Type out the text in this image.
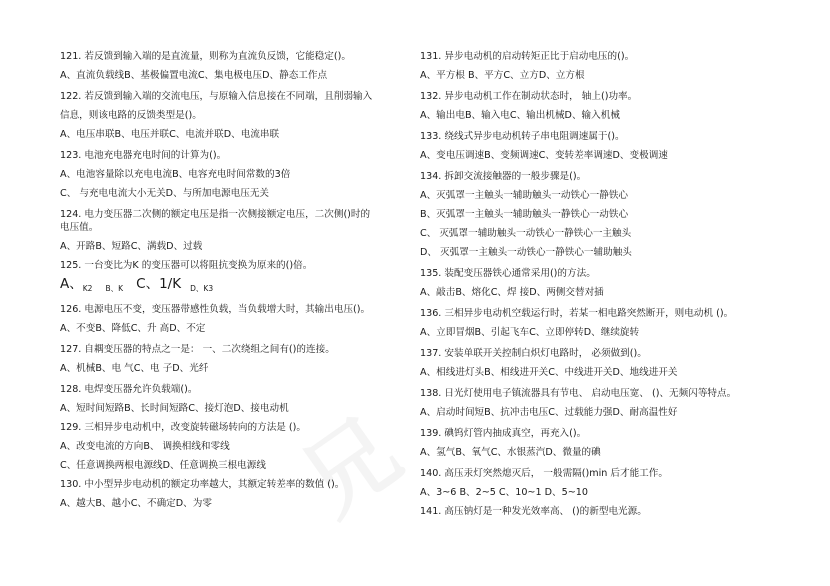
121. 若反馈到输入端的是直流量，则称为直流负反馈，它能稳定()。
A、直流负载线B、基极偏置电流C、集电极电压D、静态工作点
122. 若反馈到输入端的交流电压，与原输入信息接在不同端，且削弱输入
信息，则该电路的反馈类型是()。
A、电压串联B、电压并联C、电流并联D、电流串联
123. 电池充电器充电时间的计算为()。
A、电池容量除以充电电流B、电容充电时间常数的3倍
C、 与充电电流大小无关D、与所加电源电压无关
124. 电力变压器二次侧的额定电压是指一次侧接额定电压，二次侧()时的
电压值。
A、开路B、短路C、满载D、过载
125. 一台变比为K 的变压器可以将阻抗变换为原来的()倍。
A、$_{K2}$ $_{B、K}$ C、1/K $_{D、K3}$
126. 电源电压不变，变压器带感性负载，当负载增大时，其输出电压()。
A、不变B、降低C、升 高D、不定
127. 自耦变压器的特点之一是： 一、二次绕组之间有()的连接。
A、机械B、电 气C、电 子D、光纤
128. 电焊变压器允许负载端()。
A、短时间短路B、长时间短路C、接灯泡D、接电动机
129. 三相异步电动机中，改变旋转磁场转向的方法是 ()。
A、改变电流的方向B、 调换相线和零线
C、任意调换两根电源线D、任意调换三根电源线
130. 中小型异步电动机的额定功率越大，其额定转差率的数值 ()。
A、越大B、越小C、不确定D、为零
131. 异步电动机的启动转矩正比于启动电压的()。
A、平方根 B、平方C、立方D、立方根
132. 异步电动机工作在制动状态时， 轴上()功率。
A、输出电B、输入电C、输出机械D、输入机械
133. 绕线式异步电动机转子串电阻调速属于()。
A、变电压调速B、变频调速C、变转差率调速D、变极调速
134. 拆卸交流接触器的一般步骤是()。
A、灭弧罩一主触头一辅助触头一动铁心一静铁心
B、灭弧罩一主触头一辅助触头一静铁心一动铁心
C、 灭弧罩一辅助触头一动铁心一静铁心一主触头
D、 灭弧罩一主触头一动铁心一静铁心一辅助触头
135. 装配变压器铁心通常采用()的方法。
A、敲击B、熔化C、焊 接D、两侧交替对插
136. 三相异步电动机空载运行时，若某一相电路突然断开，则电动机 ()。
A、立即冒烟B、引起飞车C、立即停转D、继续旋转
137. 安装单联开关控制白炽灯电路时， 必须做到()。
A、相线进灯头B、相线进开关C、中线进开关D、地线进开关
138. 日光灯使用电子镇流器具有节电、 启动电压宽、 ()、无频闪等特点。
A、启动时间短B、抗冲击电压C、过载能力强D、耐高温性好
139. 碘钨灯管内抽成真空，再充入()。
A、氢气B、氧气C、水银蒸汽D、微量的碘
140. 高压汞灯突然熄灭后， 一般需隔()min 后才能工作。
A、3~6 B、2~5 C、10~1 D、5~10
141. 高压钠灯是一种发光效率高、 ()的新型电光源。
